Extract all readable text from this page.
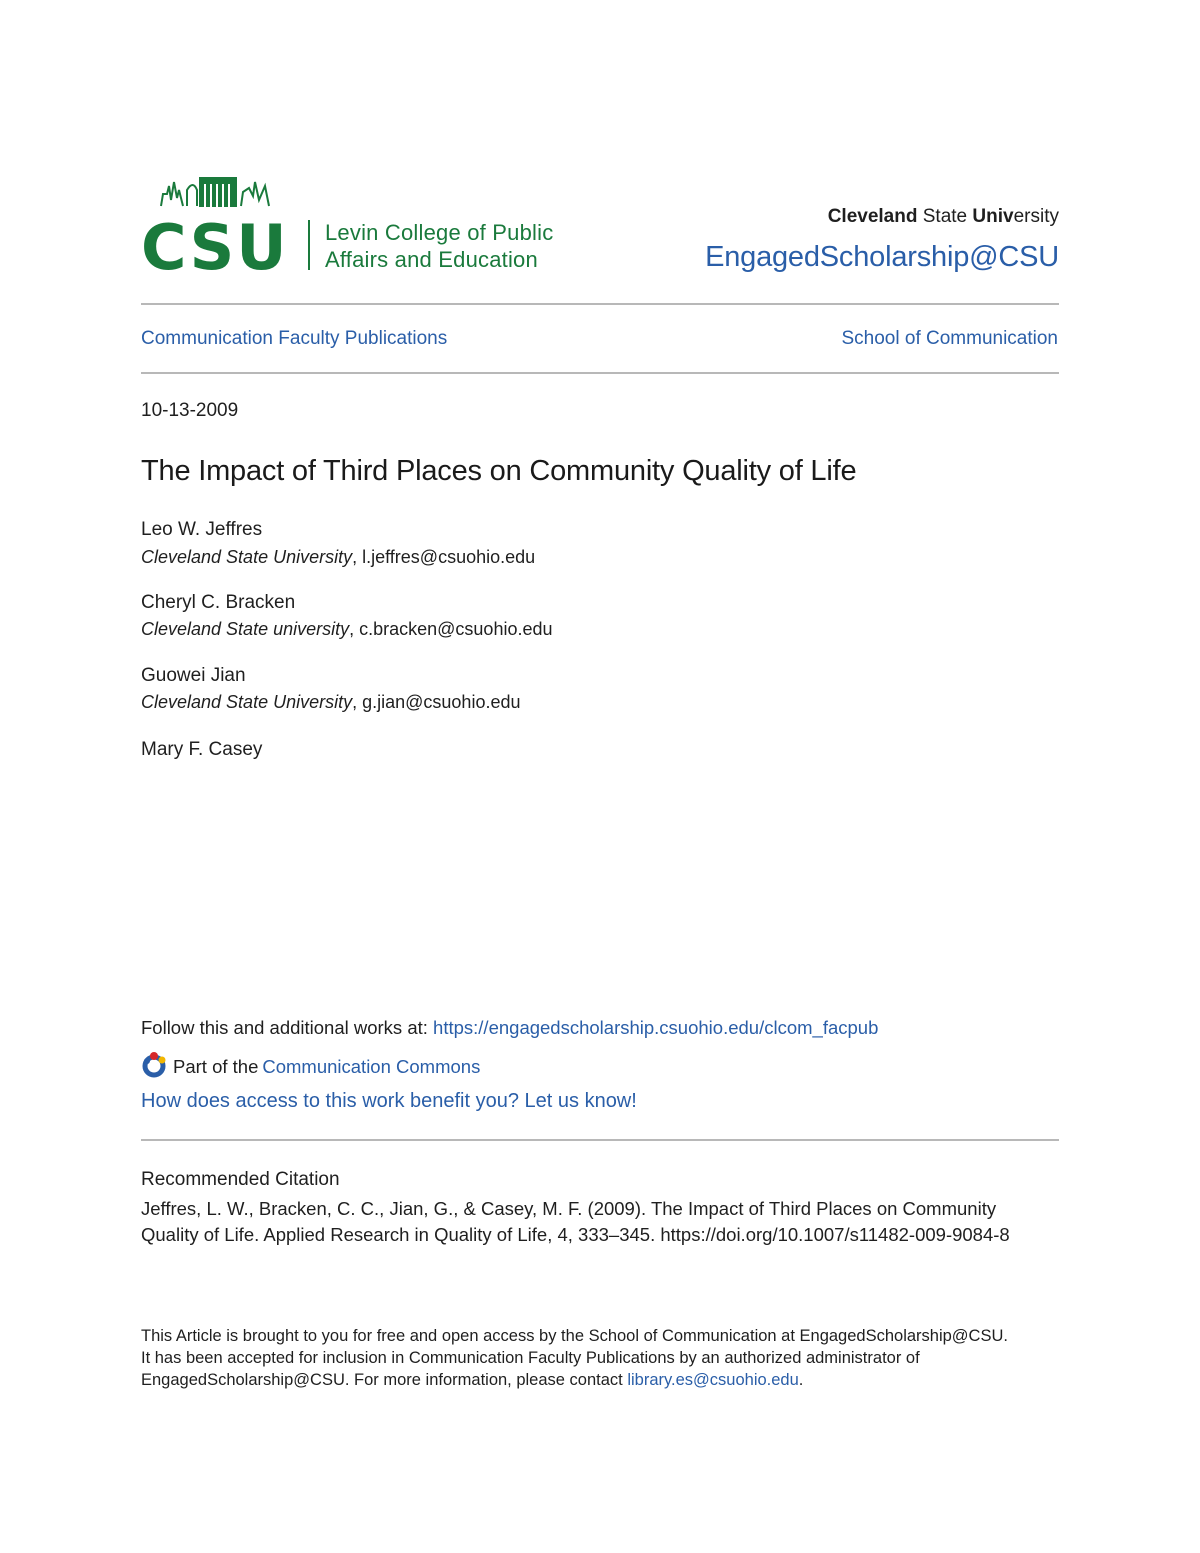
CSU Levin College of Public
Affairs and Education
Cleveland State University
EngagedScholarship@CSU
Communication Faculty Publications	School of Communication
10-13-2009
The Impact of Third Places on Community Quality of Life
Leo W. Jeffres
Cleveland State University, l.jeffres@csuohio.edu
Cheryl C. Bracken
Cleveland State university, c.bracken@csuohio.edu
Guowei Jian
Cleveland State University, g.jian@csuohio.edu
Mary F. Casey
Follow this and additional works at: https://engagedscholarship.csuohio.edu/clcom_facpub
Part of the Communication Commons
How does access to this work benefit you? Let us know!
Recommended Citation
Jeffres, L. W., Bracken, C. C., Jian, G., & Casey, M. F. (2009). The Impact of Third Places on Community Quality of Life. Applied Research in Quality of Life, 4, 333–345. https://doi.org/10.1007/s11482-009-9084-8
This Article is brought to you for free and open access by the School of Communication at EngagedScholarship@CSU. It has been accepted for inclusion in Communication Faculty Publications by an authorized administrator of EngagedScholarship@CSU. For more information, please contact library.es@csuohio.edu.
